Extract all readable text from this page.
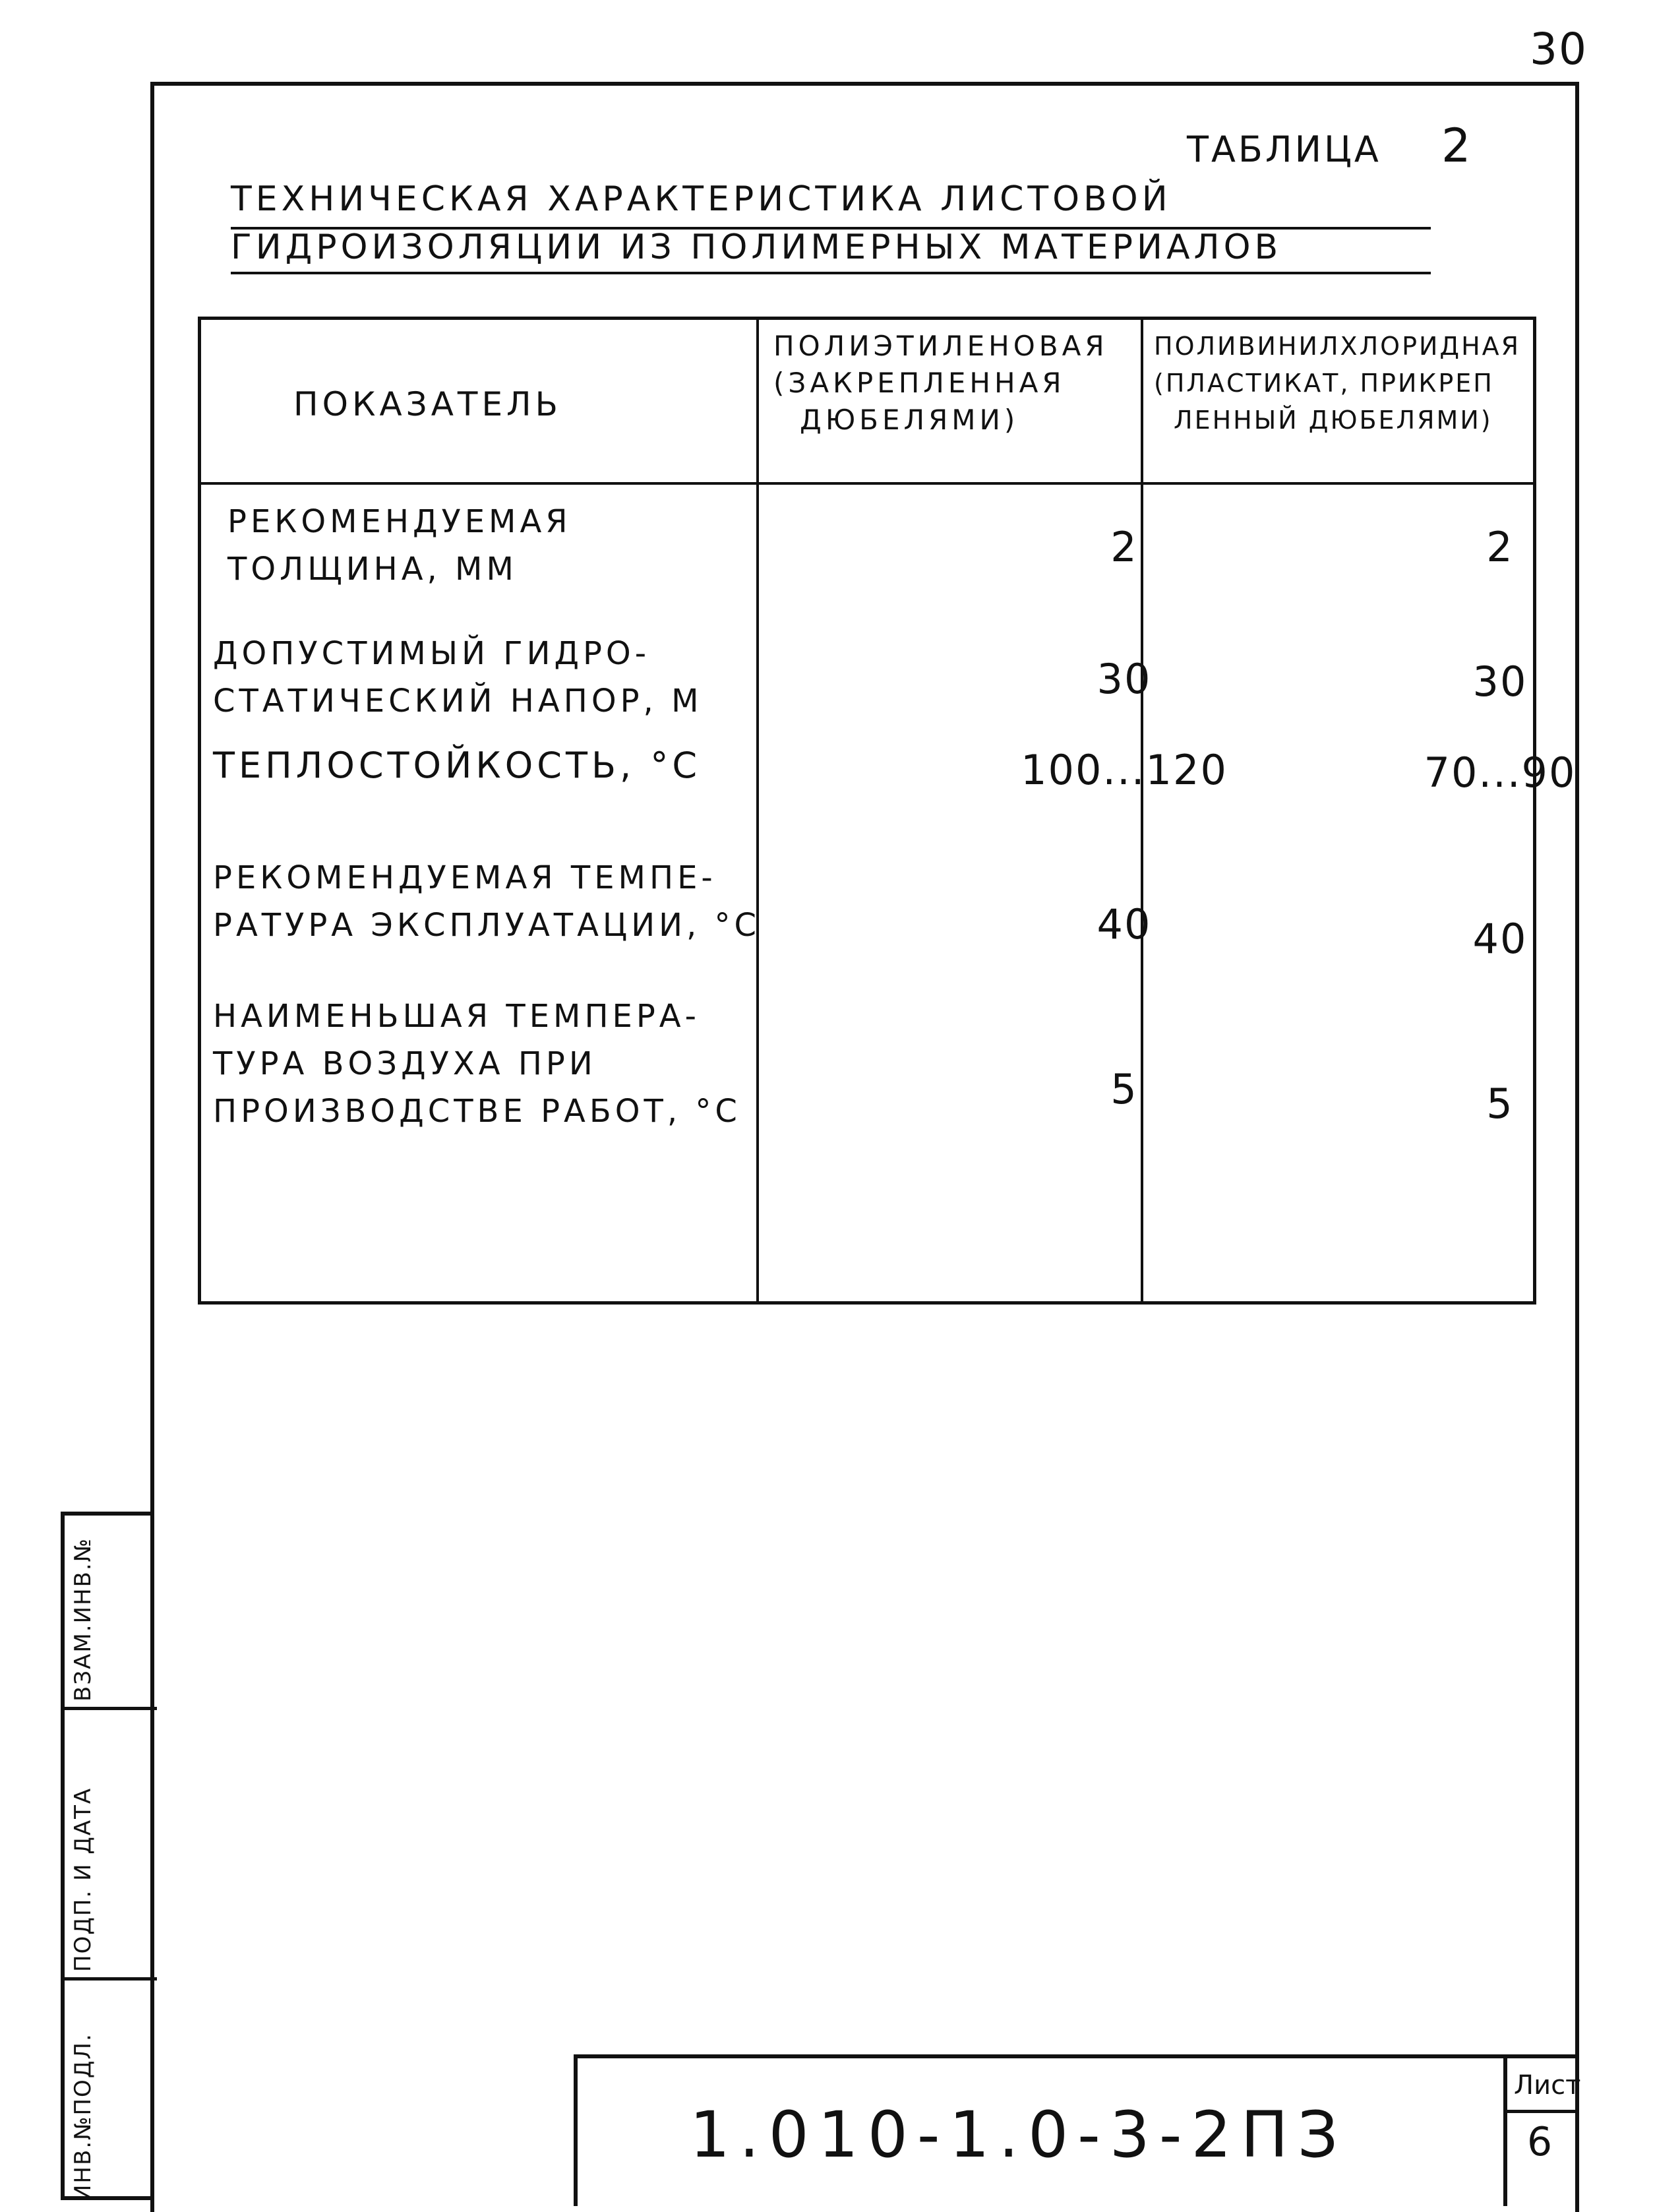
30
ТАБЛИЦА 2
ТЕХНИЧЕСКАЯ ХАРАКТЕРИСТИКА ЛИСТОВОЙ
ГИДРОИЗОЛЯЦИИ ИЗ ПОЛИМЕРНЫХ МАТЕРИАЛОВ
ПОКАЗАТЕЛЬ
ПОЛИЭТИЛЕНОВАЯ
(ЗАКРЕПЛЕННАЯ
ДЮБЕЛЯМИ)
ПОЛИВИНИЛХЛОРИДНАЯ
(ПЛАСТИКАТ, ПРИКРЕП
ЛЕННЫЙ ДЮБЕЛЯМИ)
РЕКОМЕНДУЕМАЯ
ТОЛЩИНА, ММ	2	2
ДОПУСТИМЫЙ ГИДРО-
СТАТИЧЕСКИЙ НАПОР, М	30	30
ТЕПЛОСТОЙКОСТЬ, °C	100...120	70...90
РЕКОМЕНДУЕМАЯ ТЕМПЕ-
РАТУРА ЭКСПЛУАТАЦИИ, °C	40	40
НАИМЕНЬШАЯ ТЕМПЕРА-
ТУРА ВОЗДУХА ПРИ
ПРОИЗВОДСТВЕ РАБОТ, °C	5	5
ВЗАМ.ИНВ.№
ПОДП. И ДАТА
ИНВ.№ПОДЛ.	1.010-1.0-3-2ПЗ
Лист
6
